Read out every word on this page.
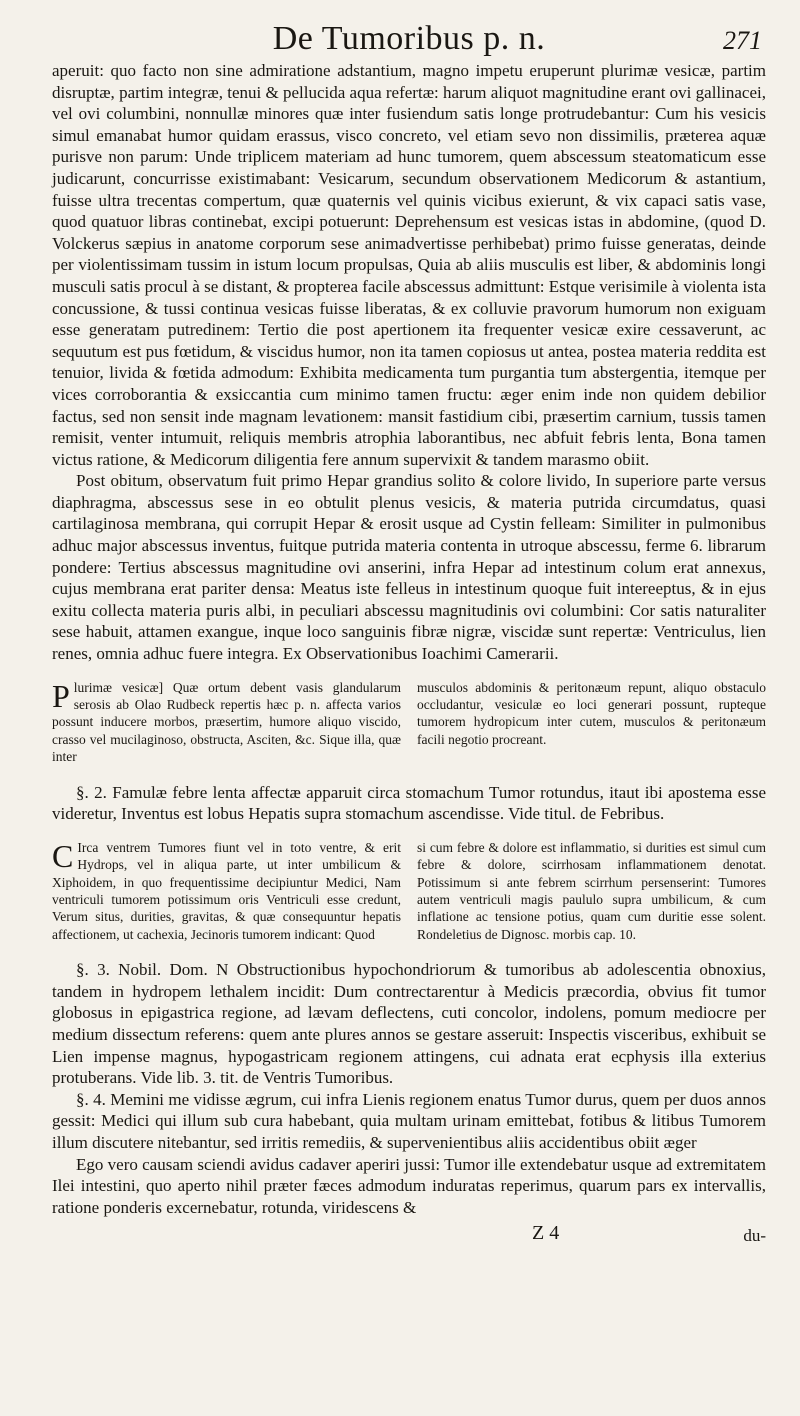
De Tumoribus p. n.	271

aperuit: quo facto non sine admiratione adstantium, magno impetu eruperunt plurimæ vesicæ, partim disruptæ, partim integræ, tenui & pellucida aqua refertæ: harum aliquot magnitudine erant ovi gallinacei, vel ovi columbini, nonnullæ minores quæ inter fusiendum satis longe protrudebantur: Cum his vesicis simul emanabat humor quidam erassus, visco concreto, vel etiam sevo non dissimilis, præterea aquæ purisve non parum: Unde triplicem materiam ad hunc tumorem, quem abscessum steatomaticum esse judicarunt, concurrisse existimabant: Vesicarum, secundum observationem Medicorum & astantium, fuisse ultra trecentas compertum, quæ quaternis vel quinis vicibus exierunt, & vix capaci satis vase, quod quatuor libras continebat, excipi potuerunt: Deprehensum est vesicas istas in abdomine, (quod D. Volckerus sæpius in anatome corporum sese animadvertisse perhibebat) primo fuisse generatas, deinde per violentissimam tussim in istum locum propulsas, Quia ab aliis musculis est liber, & abdominis longi musculi satis procul à se distant, & propterea facile abscessus admittunt: Estque verisimile à violenta ista concussione, & tussi continua vesicas fuisse liberatas, & ex colluvie pravorum humorum non exiguam esse generatam putredinem: Tertio die post apertionem ita frequenter vesicæ exire cessaverunt, ac sequutum est pus fœtidum, & viscidus humor, non ita tamen copiosus ut antea, postea materia reddita est tenuior, livida & fœtida admodum: Exhibita medicamenta tum purgantia tum abstergentia, itemque per vices corroborantia & exsiccantia cum minimo tamen fructu: æger enim inde non quidem debilior factus, sed non sensit inde magnam levationem: mansit fastidium cibi, præsertim carnium, tussis tamen remisit, venter intumuit, reliquis membris atrophia laborantibus, nec abfuit febris lenta, Bona tamen victus ratione, & Medicorum diligentia fere annum supervixit & tandem marasmo obiit.

Post obitum, observatum fuit primo Hepar grandius solito & colore livido, In superiore parte versus diaphragma, abscessus sese in eo obtulit plenus vesicis, & materia putrida circumdatus, quasi cartilaginosa membrana, qui corrupit Hepar & erosit usque ad Cystin felleam: Similiter in pulmonibus adhuc major abscessus inventus, fuitque putrida materia contenta in utroque abscessu, ferme 6. librarum pondere: Tertius abscessus magnitudine ovi anserini, infra Hepar ad intestinum colum erat annexus, cujus membrana erat pariter densa: Meatus iste felleus in intestinum quoque fuit intereeptus, & in ejus exitu collecta materia puris albi, in peculiari abscessu magnitudinis ovi columbini: Cor satis naturaliter sese habuit, attamen exangue, inque loco sanguinis fibræ nigræ, viscidæ sunt repertæ: Ventriculus, lien renes, omnia adhuc fuere integra. Ex Observationibus Ioachimi Camerarii.

Plurimæ vesicæ] Quæ ortum debent vasis glandularum serosis ab Olao Rudbeck repertis hæc p. n. affecta varios possunt inducere morbos, præsertim, humore aliquo viscido, crasso vel mucilaginoso, obstructa, Asciten, &c. Sique illa, quæ inter

musculos abdominis & peritonæum repunt, aliquo obstaculo occludantur, vesiculæ eo loci generari possunt, rupteque tumorem hydropicum inter cutem, musculos & peritonæum facili negotio procreant.

§. 2. Famulæ febre lenta affectæ apparuit circa stomachum Tumor rotundus, itaut ibi apostema esse videretur, Inventus est lobus Hepatis supra stomachum ascendisse. Vide titul. de Febribus.

C Irca ventrem Tumores fiunt vel in toto ventre, & erit Hydrops, vel in aliqua parte, ut inter umbilicum & Xiphoidem, in quo frequentissime decipiuntur Medici, Nam ventriculi tumorem potissimum oris Ventriculi esse credunt, Verum situs, durities, gravitas, & quæ consequuntur hepatis affectionem, ut cachexia, Jecinoris tumorem indicant: Quod

si cum febre & dolore est inflammatio, si durities est simul cum febre & dolore, scirrhosam inflammationem denotat. Potissimum si ante febrem scirrhum persenserint: Tumores autem ventriculi magis paululo supra umbilicum, & cum inflatione ac tensione potius, quam cum duritie esse solent. Rondeletius de Dignosc. morbis cap. 10.

§. 3. Nobil. Dom. N Obstructionibus hypochondriorum & tumoribus ab adolescentia obnoxius, tandem in hydropem lethalem incidit: Dum contrectarentur à Medicis præcordia, obvius fit tumor globosus in epigastrica regione, ad lævam deflectens, cuti concolor, indolens, pomum mediocre per medium dissectum referens: quem ante plures annos se gestare asseruit: Inspectis visceribus, exhibuit se Lien impense magnus, hypogastricam regionem attingens, cui adnata erat ecphysis illa exterius protuberans. Vide lib. 3. tit. de Ventris Tumoribus.

§. 4. Memini me vidisse ægrum, cui infra Lienis regionem enatus Tumor durus, quem per duos annos gessit: Medici qui illum sub cura habebant, quia multam urinam emittebat, fotibus & litibus Tumorem illum discutere nitebantur, sed irritis remediis, & supervenientibus aliis accidentibus obiit æger

Ego vero causam sciendi avidus cadaver aperiri jussi: Tumor ille extendebatur usque ad extremitatem Ilei intestini, quo aperto nihil præter fæces admodum induratas reperimus, quarum pars ex intervallis, ratione ponderis excernebatur, rotunda, viridescens &

Z 4	du-
